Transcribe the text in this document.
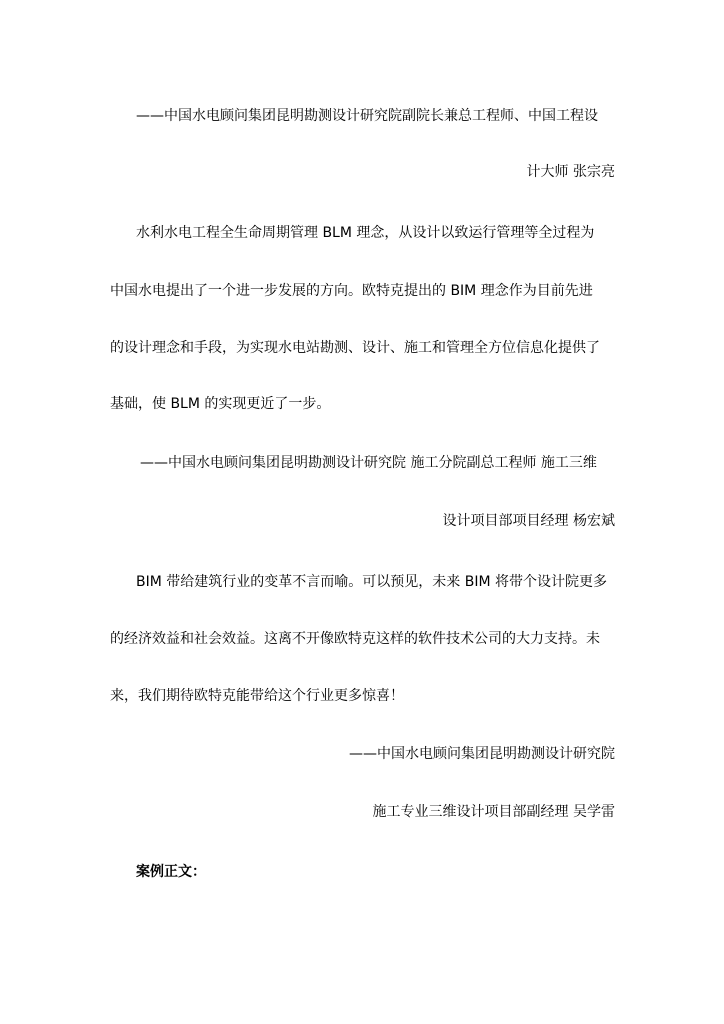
——中国水电顾问集团昆明勘测设计研究院副院长兼总工程师、中国工程设
计大师 张宗亮
水利水电工程全生命周期管理 BLM 理念，从设计以致运行管理等全过程为
中国水电提出了一个进一步发展的方向。欧特克提出的 BIM 理念作为目前先进
的设计理念和手段，为实现水电站勘测、设计、施工和管理全方位信息化提供了
基础，使 BLM 的实现更近了一步。
——中国水电顾问集团昆明勘测设计研究院 施工分院副总工程师 施工三维
设计项目部项目经理 杨宏斌
BIM 带给建筑行业的变革不言而喻。可以预见，未来 BIM 将带个设计院更多
的经济效益和社会效益。这离不开像欧特克这样的软件技术公司的大力支持。未
来，我们期待欧特克能带给这个行业更多惊喜！
——中国水电顾问集团昆明勘测设计研究院
施工专业三维设计项目部副经理 吴学雷
案例正文：
